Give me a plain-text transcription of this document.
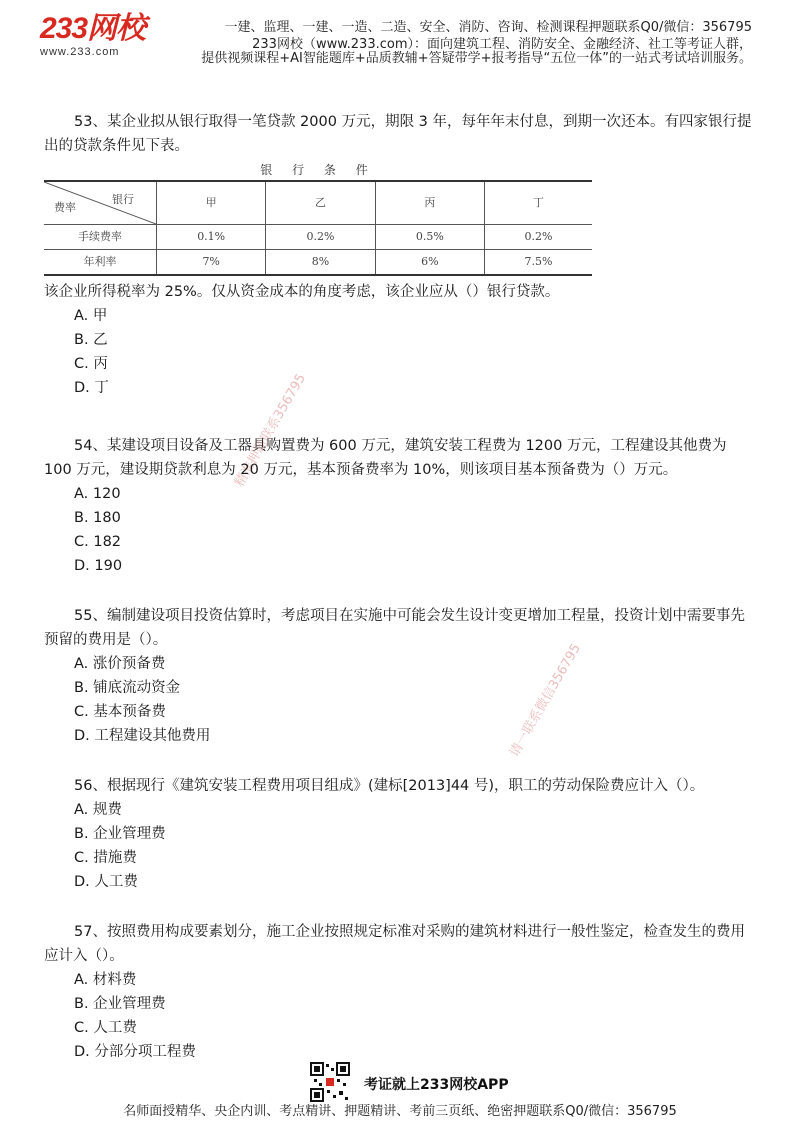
233网校
www.233.com
一建、监理、一建、一造、二造、安全、消防、咨询、检测课程押题联系Q0/微信：356795
233网校（www.233.com）：面向建筑工程、消防安全、金融经济、社工等考证人群，
提供视频课程+AI智能题库+品质教辅+答疑带学+报考指导“五位一体”的一站式考试培训服务。
精准押题联系356795
请一联系微信356795

53、某企业拟从银行取得一笔贷款 2000 万元，期限 3 年，每年年末付息，到期一次还本。有四家银行提出的贷款条件见下表。

银 行 条 件
银行
费率	甲	乙	丙	丁
手续费率	0.1%	0.2%	0.5%	0.2%
年利率	7%	8%	6%	7.5%

该企业所得税率为 25%。仅从资金成本的角度考虑，该企业应从（）银行贷款。

A. 甲

B. 乙

C. 丙

D. 丁

54、某建设项目设备及工器具购置费为 600 万元，建筑安装工程费为 1200 万元，工程建设其他费为 100 万元，建设期贷款利息为 20 万元，基本预备费率为 10%，则该项目基本预备费为（）万元。

A. 120

B. 180

C. 182

D. 190

55、编制建设项目投资估算时，考虑项目在实施中可能会发生设计变更增加工程量，投资计划中需要事先预留的费用是（）。

A. 涨价预备费

B. 铺底流动资金

C. 基本预备费

D. 工程建设其他费用

56、根据现行《建筑安装工程费用项目组成》(建标[2013]44 号)，职工的劳动保险费应计入（）。

A. 规费

B. 企业管理费

C. 措施费

D. 人工费

57、按照费用构成要素划分，施工企业按照规定标准对采购的建筑材料进行一般性鉴定，检查发生的费用应计入（）。

A. 材料费

B. 企业管理费

C. 人工费

D. 分部分项工程费

考证就上233网校APP
名师面授精华、央企内训、考点精讲、押题精讲、考前三页纸、绝密押题联系Q0/微信：356795
